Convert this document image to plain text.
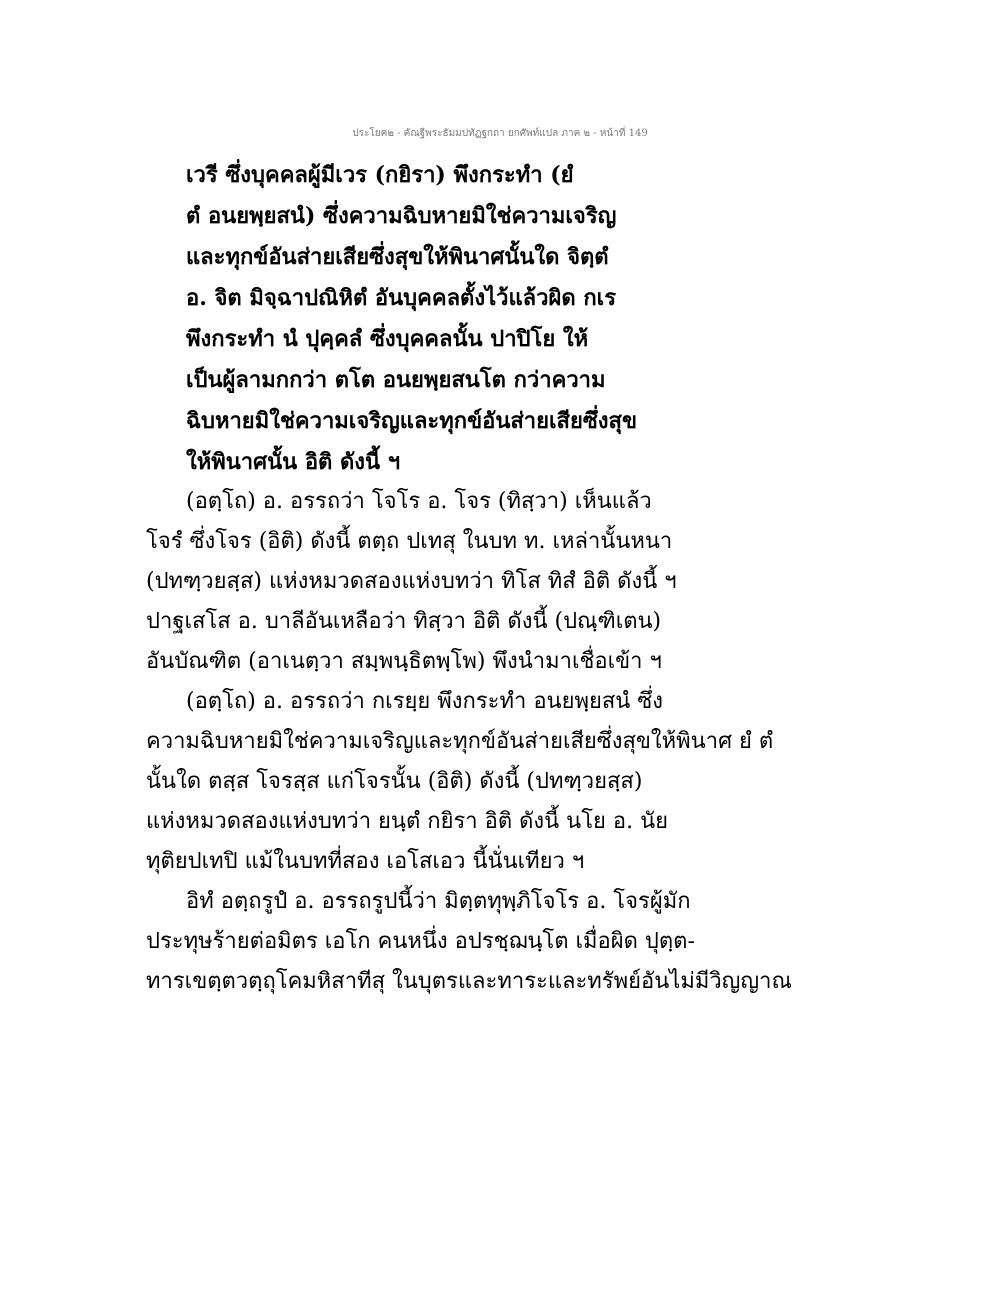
ประโยค๒ - คัณฐีพระธัมมปทัฏฐกถา ยกศัพท์แปล ภาค ๒ - หน้าที่ 149
เวรี ซึ่งบุคคลผู้มีเวร (กยิรา) พึงกระทำ (ยํ
ตํ อนยพฺยสนํ) ซึ่งความฉิบหายมิใช่ความเจริญ
และทุกข์อันส่ายเสียซึ่งสุขให้พินาศนั้นใด จิตฺตํ
อ. จิต มิจฺฉาปณิหิตํ อันบุคคลตั้งไว้แล้วผิด กเร
พึงกระทำ นํ ปุคฺคลํ ซึ่งบุคคลนั้น ปาปิโย ให้
เป็นผู้ลามกกว่า ตโต อนยพฺยสนโต กว่าความ
ฉิบหายมิใช่ความเจริญและทุกข์อันส่ายเสียซึ่งสุข
ให้พินาศนั้น อิติ ดังนี้ ฯ
(อตฺโถ) อ. อรรถว่า โจโร อ. โจร (ทิสฺวา) เห็นแล้ว
โจรํ ซึ่งโจร (อิติ) ดังนี้ ตตฺถ ปเทสุ ในบท ท. เหล่านั้นหนา
(ปทฑฺวยสฺส) แห่งหมวดสองแห่งบทว่า ทิโส ทิสํ อิติ ดังนี้ ฯ
ปาฐเสโส อ. บาลีอันเหลือว่า ทิสฺวา อิติ ดังนี้ (ปณฺฑิเตน)
อันบัณฑิต (อาเนตฺวา สมฺพนฺธิตพฺโพ) พึงนำมาเชื่อเข้า ฯ
(อตฺโถ) อ. อรรถว่า กเรยฺย พึงกระทำ อนยพฺยสนํ ซึ่ง
ความฉิบหายมิใช่ความเจริญและทุกข์อันส่ายเสียซึ่งสุขให้พินาศ ยํ ตํ
นั้นใด ตสฺส โจรสฺส แก่โจรนั้น (อิติ) ดังนี้ (ปทฑฺวยสฺส)
แห่งหมวดสองแห่งบทว่า ยนฺตํ กยิรา อิติ ดังนี้ นโย อ. นัย
ทุติยปเทปิ แม้ในบทที่สอง เอโสเอว นี้นั่นเทียว ฯ
อิทํ อตฺถรูปํ อ. อรรถรูปนี้ว่า มิตฺตทุพฺภิโจโร อ. โจรผู้มัก
ประทุษร้ายต่อมิตร เอโก คนหนึ่ง อปรชฺฌนฺโต เมื่อผิด ปุตฺต-
ทารเขตฺตวตฺถุโคมหิสาทีสุ ในบุตรและทาระและทรัพย์อันไม่มีวิญญาณ
